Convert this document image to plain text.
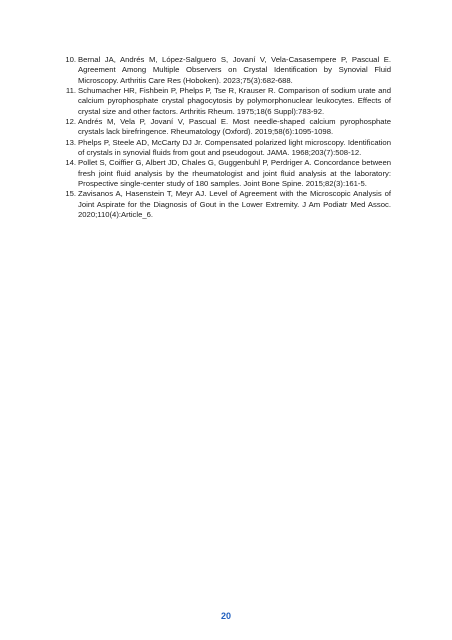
10. Bernal JA, Andrés M, López-Salguero S, Jovaní V, Vela-Casasempere P, Pascual E. Agreement Among Multiple Observers on Crystal Identification by Synovial Fluid Microscopy. Arthritis Care Res (Hoboken). 2023;75(3):682-688.
11. Schumacher HR, Fishbein P, Phelps P, Tse R, Krauser R. Comparison of sodium urate and calcium pyrophosphate crystal phagocytosis by polymorphonuclear leukocytes. Effects of crystal size and other factors. Arthritis Rheum. 1975;18(6 Suppl):783-92.
12. Andrés M, Vela P, Jovaní V, Pascual E. Most needle-shaped calcium pyrophosphate crystals lack birefringence. Rheumatology (Oxford). 2019;58(6):1095-1098.
13. Phelps P, Steele AD, McCarty DJ Jr. Compensated polarized light microscopy. Identification of crystals in synovial fluids from gout and pseudogout. JAMA. 1968;203(7):508-12.
14. Pollet S, Coiffier G, Albert JD, Chales G, Guggenbuhl P, Perdriger A. Concordance between fresh joint fluid analysis by the rheumatologist and joint fluid analysis at the laboratory: Prospective single-center study of 180 samples. Joint Bone Spine. 2015;82(3):161-5.
15. Zavisanos A, Hasenstein T, Meyr AJ. Level of Agreement with the Microscopic Analysis of Joint Aspirate for the Diagnosis of Gout in the Lower Extremity. J Am Podiatr Med Assoc. 2020;110(4):Article_6.
20
